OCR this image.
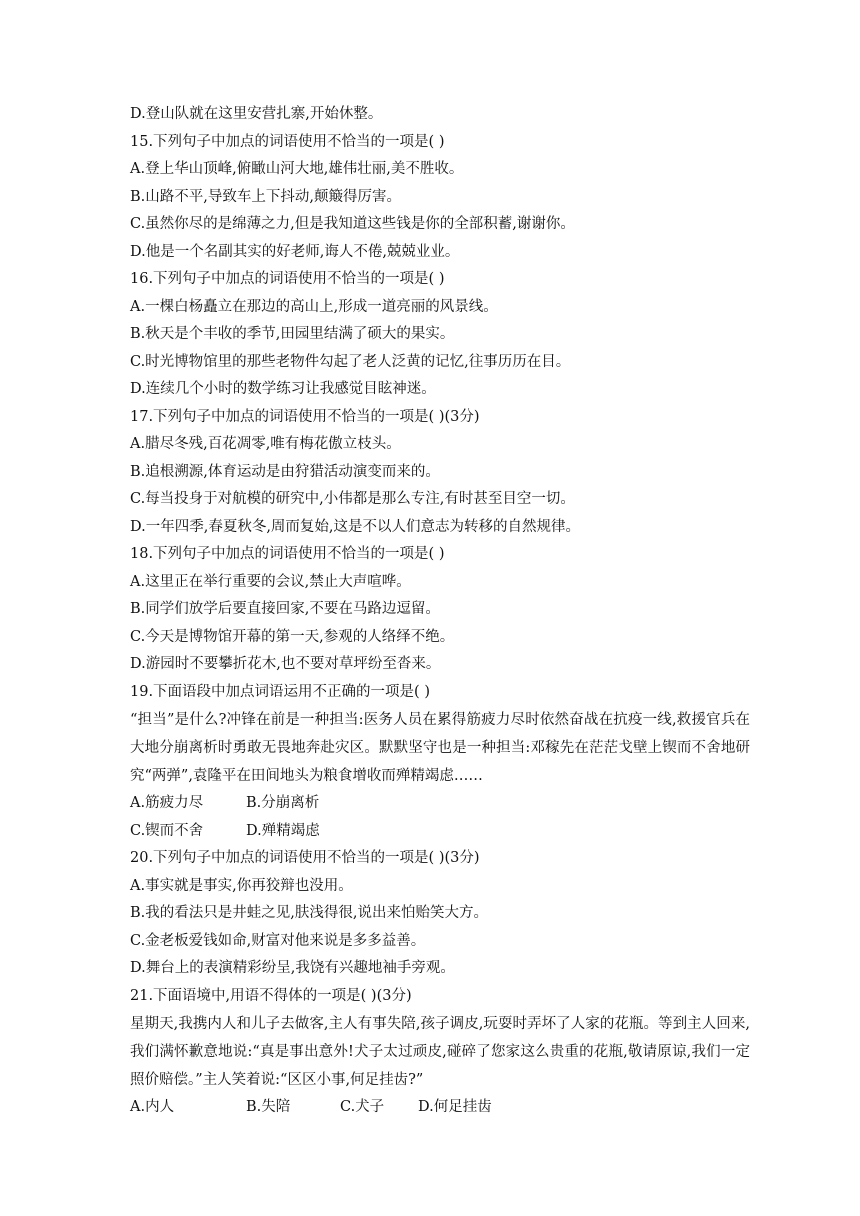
D.登山队就在这里安营扎寨,开始休整。
15.下列句子中加点的词语使用不恰当的一项是( )
A.登上华山顶峰,俯瞰山河大地,雄伟壮丽,美不胜收。
B.山路不平,导致车上下抖动,颠簸得厉害。
C.虽然你尽的是绵薄之力,但是我知道这些钱是你的全部积蓄,谢谢你。
D.他是一个名副其实的好老师,诲人不倦,兢兢业业。
16.下列句子中加点的词语使用不恰当的一项是( )
A.一棵白杨矗立在那边的高山上,形成一道亮丽的风景线。
B.秋天是个丰收的季节,田园里结满了硕大的果实。
C.时光博物馆里的那些老物件勾起了老人泛黄的记忆,往事历历在目。
D.连续几个小时的数学练习让我感觉目眩神迷。
17.下列句子中加点的词语使用不恰当的一项是( )(3分)
A.腊尽冬残,百花凋零,唯有梅花傲立枝头。
B.追根溯源,体育运动是由狩猎活动演变而来的。
C.每当投身于对航模的研究中,小伟都是那么专注,有时甚至目空一切。
D.一年四季,春夏秋冬,周而复始,这是不以人们意志为转移的自然规律。
18.下列句子中加点的词语使用不恰当的一项是( )
A.这里正在举行重要的会议,禁止大声喧哗。
B.同学们放学后要直接回家,不要在马路边逗留。
C.今天是博物馆开幕的第一天,参观的人络绎不绝。
D.游园时不要攀折花木,也不要对草坪纷至沓来。
19.下面语段中加点词语运用不正确的一项是( )
“担当”是什么?冲锋在前是一种担当:医务人员在累得筋疲力尽时依然奋战在抗疫一线,救援官兵在大地分崩离析时勇敢无畏地奔赴灾区。默默坚守也是一种担当:邓稼先在茫茫戈壁上锲而不舍地研究“两弹”,袁隆平在田间地头为粮食增收而殚精竭虑……
A.筋疲力尽	B.分崩离析
C.锲而不舍	D.殚精竭虑
20.下列句子中加点的词语使用不恰当的一项是( )(3分)
A.事实就是事实,你再狡辩也没用。
B.我的看法只是井蛙之见,肤浅得很,说出来怕贻笑大方。
C.金老板爱钱如命,财富对他来说是多多益善。
D.舞台上的表演精彩纷呈,我饶有兴趣地袖手旁观。
21.下面语境中,用语不得体的一项是( )(3分)
星期天,我携内人和儿子去做客,主人有事失陪,孩子调皮,玩耍时弄坏了人家的花瓶。等到主人回来,我们满怀歉意地说:“真是事出意外!犬子太过顽皮,碰碎了您家这么贵重的花瓶,敬请原谅,我们一定照价赔偿。”主人笑着说:“区区小事,何足挂齿?”
A.内人	B.失陪	C.犬子	D.何足挂齿
